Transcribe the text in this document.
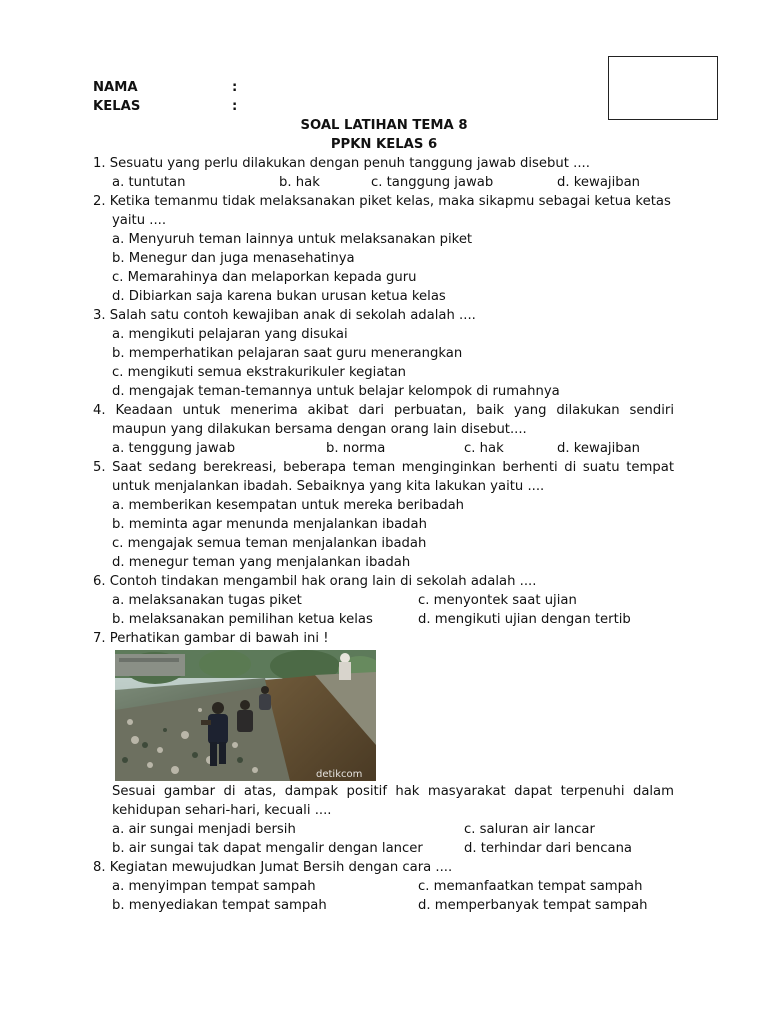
NAMA	:
KELAS	:
SOAL LATIHAN TEMA 8
PPKN KELAS 6
1. Sesuatu yang perlu dilakukan dengan penuh tanggung jawab disebut ....
a. tuntutan	b. hak	c. tanggung jawab	d. kewajiban
2. Ketika temanmu tidak melaksanakan piket kelas, maka sikapmu sebagai ketua ketas
yaitu ....
a. Menyuruh teman lainnya untuk melaksanakan piket
b. Menegur dan juga menasehatinya
c. Memarahinya dan melaporkan kepada guru
d. Dibiarkan saja karena bukan urusan ketua kelas
3. Salah satu contoh kewajiban anak di sekolah adalah ....
a. mengikuti pelajaran yang disukai
b. memperhatikan pelajaran saat guru menerangkan
c. mengikuti semua ekstrakurikuler kegiatan
d. mengajak teman-temannya untuk belajar kelompok di rumahnya
4. Keadaan untuk menerima akibat dari perbuatan, baik yang dilakukan sendiri
maupun yang dilakukan bersama dengan orang lain disebut....
a. tenggung jawab	b. norma	c. hak	d. kewajiban
5. Saat sedang berekreasi, beberapa teman menginginkan berhenti di suatu tempat
untuk menjalankan ibadah. Sebaiknya yang kita lakukan yaitu ....
a. memberikan kesempatan untuk mereka beribadah
b. meminta agar menunda menjalankan ibadah
c. mengajak semua teman menjalankan ibadah
d. menegur teman yang menjalankan ibadah
6. Contoh tindakan mengambil hak orang lain di sekolah adalah ....
a. melaksanakan tugas piket	c. menyontek saat ujian
b. melaksanakan pemilihan ketua kelas	d. mengikuti ujian dengan tertib
7. Perhatikan gambar di bawah ini !
detikcom
Sesuai gambar di atas, dampak positif hak masyarakat dapat terpenuhi dalam
kehidupan sehari-hari, kecuali ....
a. air sungai menjadi bersih	c. saluran air lancar
b. air sungai tak dapat mengalir dengan lancer	d. terhindar dari bencana
8. Kegiatan mewujudkan Jumat Bersih dengan cara ....
a. menyimpan tempat sampah	c. memanfaatkan tempat sampah
b. menyediakan tempat sampah	d. memperbanyak tempat sampah
